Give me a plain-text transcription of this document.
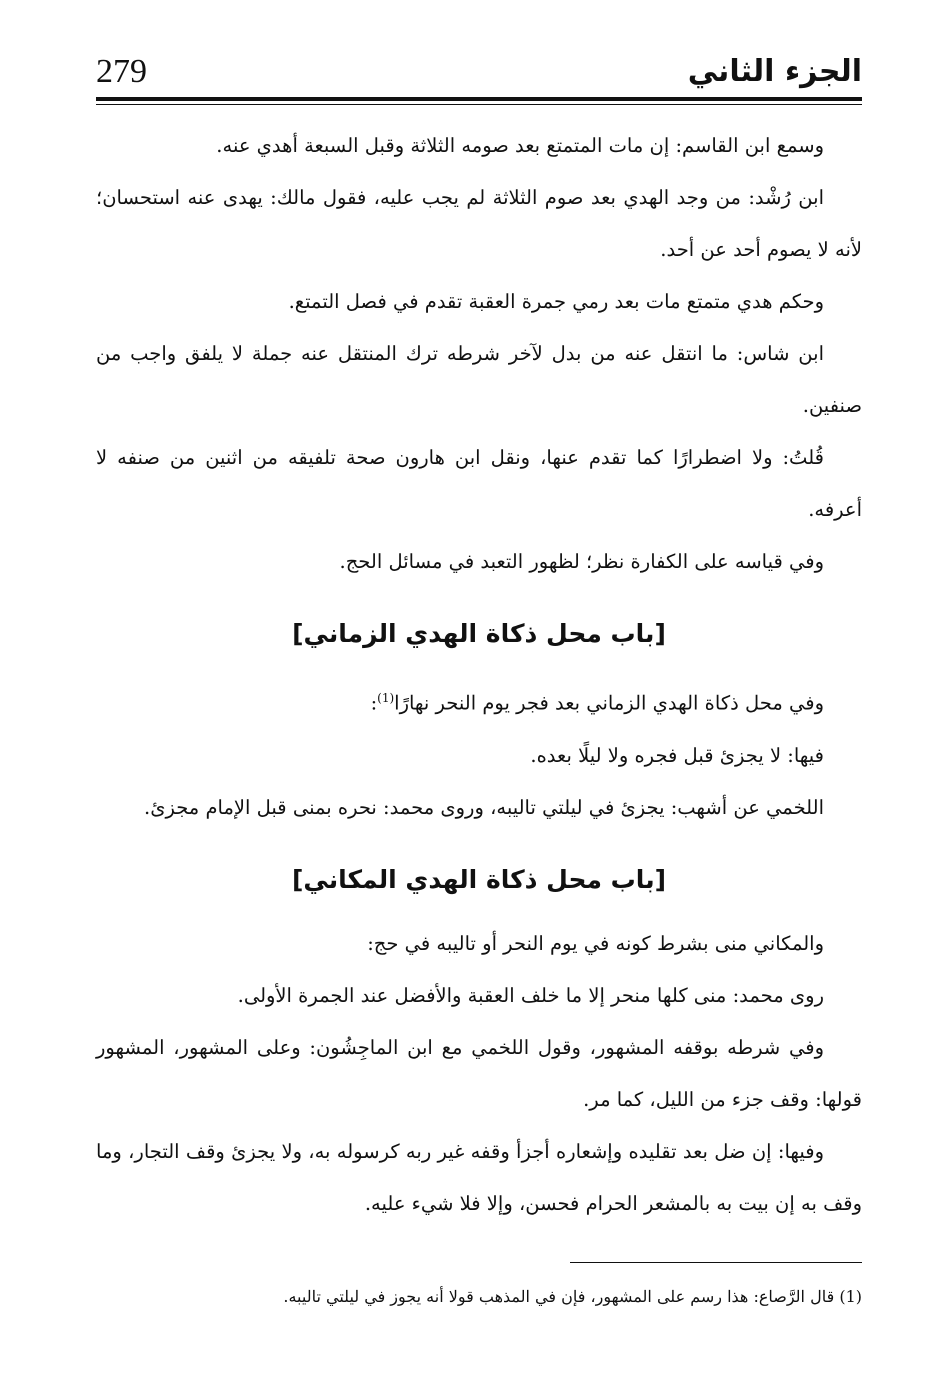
279	الجزء الثاني

وسمع ابن القاسم: إن مات المتمتع بعد صومه الثلاثة وقبل السبعة أهدي عنه.

ابن رُشْد: من وجد الهدي بعد صوم الثلاثة لم يجب عليه، فقول مالك: يهدى عنه استحسان؛ لأنه لا يصوم أحد عن أحد.

وحكم هدي متمتع مات بعد رمي جمرة العقبة تقدم في فصل التمتع.

ابن شاس: ما انتقل عنه من بدل لآخر شرطه ترك المنتقل عنه جملة لا يلفق واجب من صنفين.

قُلتُ: ولا اضطرارًا كما تقدم عنها، ونقل ابن هارون صحة تلفيقه من اثنين من صنفه لا أعرفه.

وفي قياسه على الكفارة نظر؛ لظهور التعبد في مسائل الحج.

[باب محل ذكاة الهدي الزماني]

وفي محل ذكاة الهدي الزماني بعد فجر يوم النحر نهارًا$^{(1)}$:

فيها: لا يجزئ قبل فجره ولا ليلًا بعده.

اللخمي عن أشهب: يجزئ في ليلتي تاليبه، وروى محمد: نحره بمنى قبل الإمام مجزئ.

[باب محل ذكاة الهدي المكاني]

والمكاني منى بشرط كونه في يوم النحر أو تاليبه في حج:

روى محمد: منى كلها منحر إلا ما خلف العقبة والأفضل عند الجمرة الأولى.

وفي شرطه بوقفه المشهور، وقول اللخمي مع ابن الماجِشُون: وعلى المشهور، المشهور قولها: وقف جزء من الليل، كما مر.

وفيها: إن ضل بعد تقليده وإشعاره أجزأ وقفه غير ربه كرسوله به، ولا يجزئ وقف التجار، وما وقف به إن بيت به بالمشعر الحرام فحسن، وإلا فلا شيء عليه.

(1) قال الرَّصاع: هذا رسم على المشهور، فإن في المذهب قولا أنه يجوز في ليلتي تاليبه.
